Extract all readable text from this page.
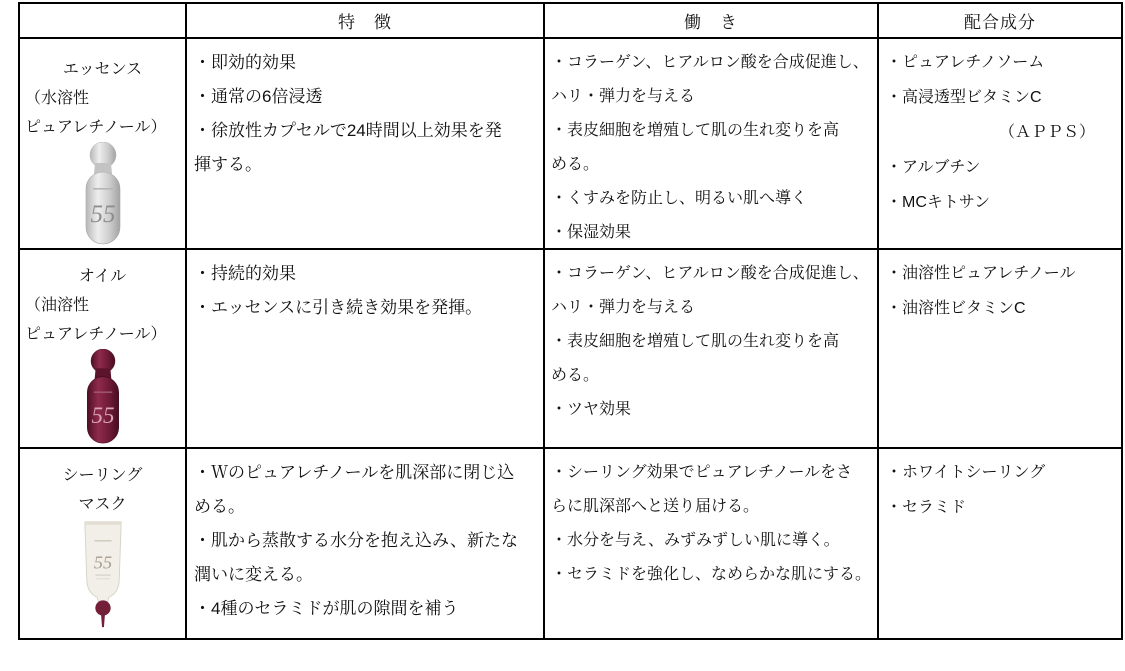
特　徴	働　き	配合成分
エッセンス
（水溶性
ピュアレチノール）
55

・即効的効果

・通常の6倍浸透

・徐放性カプセルで24時間以上効果を発

揮する。

・コラーゲン、ヒアルロン酸を合成促進し、

ハリ・弾力を与える

・表皮細胞を増殖して肌の生れ変りを高

める。

・くすみを防止し、明るい肌へ導く

・保湿効果

・ピュアレチノソーム

・高浸透型ビタミンC

（ＡＰＰＳ）

・アルブチン

・MCキトサン

オイル
（油溶性
ピュアレチノール）
55

・持続的効果

・エッセンスに引き続き効果を発揮。

・コラーゲン、ヒアルロン酸を合成促進し、

ハリ・弾力を与える

・表皮細胞を増殖して肌の生れ変りを高

める。

・ツヤ効果

・油溶性ピュアレチノール

・油溶性ビタミンC

シーリング
マスク
55

・Ｗのピュアレチノールを肌深部に閉じ込

める。

・肌から蒸散する水分を抱え込み、新たな

潤いに変える。

・4種のセラミドが肌の隙間を補う

・シーリング効果でピュアレチノールをさ

らに肌深部へと送り届ける。

・水分を与え、みずみずしい肌に導く。

・セラミドを強化し、なめらかな肌にする。

・ホワイトシーリング

・セラミド
